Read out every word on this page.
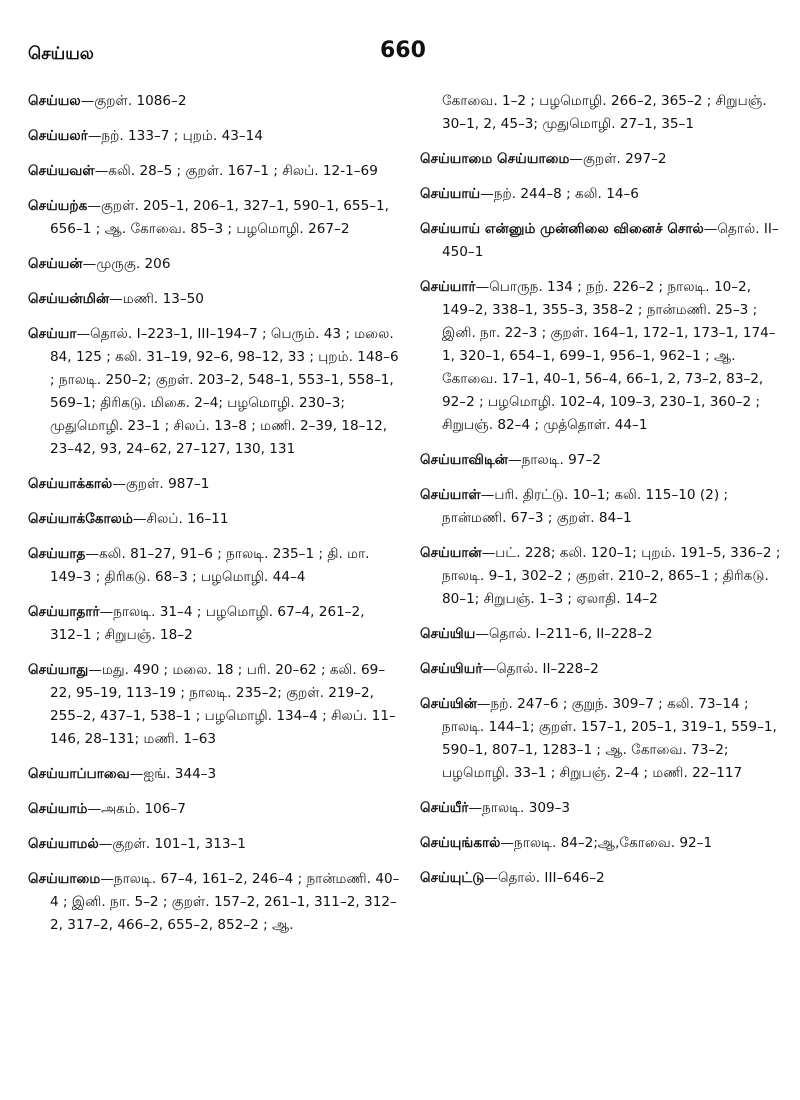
செய்யல	660

செய்யல—குறள். 1086–2

செய்யலர்—நற். 133–7 ; புறம். 43–14

செய்யவள்—கலி. 28–5 ; குறள். 167–1 ; சிலப். 12-1–69

செய்யற்க—குறள். 205–1, 206–1, 327–1, 590–1, 655–1, 656–1 ; ஆ. கோவை. 85–3 ; பழமொழி. 267–2

செய்யன்—முருகு. 206

செய்யன்மின்—மணி. 13–50

செய்யா—தொல். I–223–1, III–194–7 ; பெரும். 43 ; மலை. 84, 125 ; கலி. 31–19, 92–6, 98–12, 33 ; புறம். 148–6 ; நாலடி. 250–2; குறள். 203–2, 548–1, 553–1, 558–1, 569–1; திரிகடு. மிகை. 2–4; பழமொழி. 230–3; முதுமொழி. 23–1 ; சிலப். 13–8 ; மணி. 2–39, 18–12, 23–42, 93, 24–62, 27–127, 130, 131

செய்யாக்கால்—குறள். 987–1

செய்யாக்கோலம்—சிலப். 16–11

செய்யாத—கலி. 81–27, 91–6 ; நாலடி. 235–1 ; தி. மா. 149–3 ; திரிகடு. 68–3 ; பழமொழி. 44–4

செய்யாதார்—நாலடி. 31–4 ; பழமொழி. 67–4, 261–2, 312–1 ; சிறுபஞ். 18–2

செய்யாது—மது. 490 ; மலை. 18 ; பரி. 20–62 ; கலி. 69–22, 95–19, 113–19 ; நாலடி. 235–2; குறள். 219–2, 255–2, 437–1, 538–1 ; பழமொழி. 134–4 ; சிலப். 11–146, 28–131; மணி. 1–63

செய்யாப்பாவை—ஐங். 344–3

செய்யாம்—அகம். 106–7

செய்யாமல்—குறள். 101–1, 313–1

செய்யாமை—நாலடி. 67–4, 161–2, 246–4 ; நான்மணி. 40–4 ; இனி. நா. 5–2 ; குறள். 157–2, 261–1, 311–2, 312–2, 317–2, 466–2, 655–2, 852–2 ; ஆ.

கோவை. 1–2 ; பழமொழி. 266–2, 365–2 ; சிறுபஞ். 30–1, 2, 45–3; முதுமொழி. 27–1, 35–1

செய்யாமை செய்யாமை—குறள். 297–2

செய்யாய்—நற். 244–8 ; கலி. 14–6

செய்யாய் என்னும் முன்னிலை வினைச் சொல்—தொல். II–450–1

செய்யார்—பொருந. 134 ; நற். 226–2 ; நாலடி. 10–2, 149–2, 338–1, 355–3, 358–2 ; நான்மணி. 25–3 ; இனி. நா. 22–3 ; குறள். 164–1, 172–1, 173–1, 174–1, 320–1, 654–1, 699–1, 956–1, 962–1 ; ஆ. கோவை. 17–1, 40–1, 56–4, 66–1, 2, 73–2, 83–2, 92–2 ; பழமொழி. 102–4, 109–3, 230–1, 360–2 ; சிறுபஞ். 82–4 ; முத்தொள். 44–1

செய்யாவிடின்—நாலடி. 97–2

செய்யாள்—பரி. திரட்டு. 10–1; கலி. 115–10 (2) ; நான்மணி. 67–3 ; குறள். 84–1

செய்யான்—பட். 228; கலி. 120–1; புறம். 191–5, 336–2 ; நாலடி. 9–1, 302–2 ; குறள். 210–2, 865–1 ; திரிகடு. 80–1; சிறுபஞ். 1–3 ; ஏலாதி. 14–2

செய்யிய—தொல். I–211–6, II–228–2

செய்யியர்—தொல். II–228–2

செய்யின்—நற். 247–6 ; குறுந். 309–7 ; கலி. 73–14 ; நாலடி. 144–1; குறள். 157–1, 205–1, 319–1, 559–1, 590–1, 807–1, 1283–1 ; ஆ. கோவை. 73–2; பழமொழி. 33–1 ; சிறுபஞ். 2–4 ; மணி. 22–117

செய்யீர்—நாலடி. 309–3

செய்யுங்கால்—நாலடி. 84–2;ஆ,கோவை. 92–1

செய்யுட்டு—தொல். III–646–2
